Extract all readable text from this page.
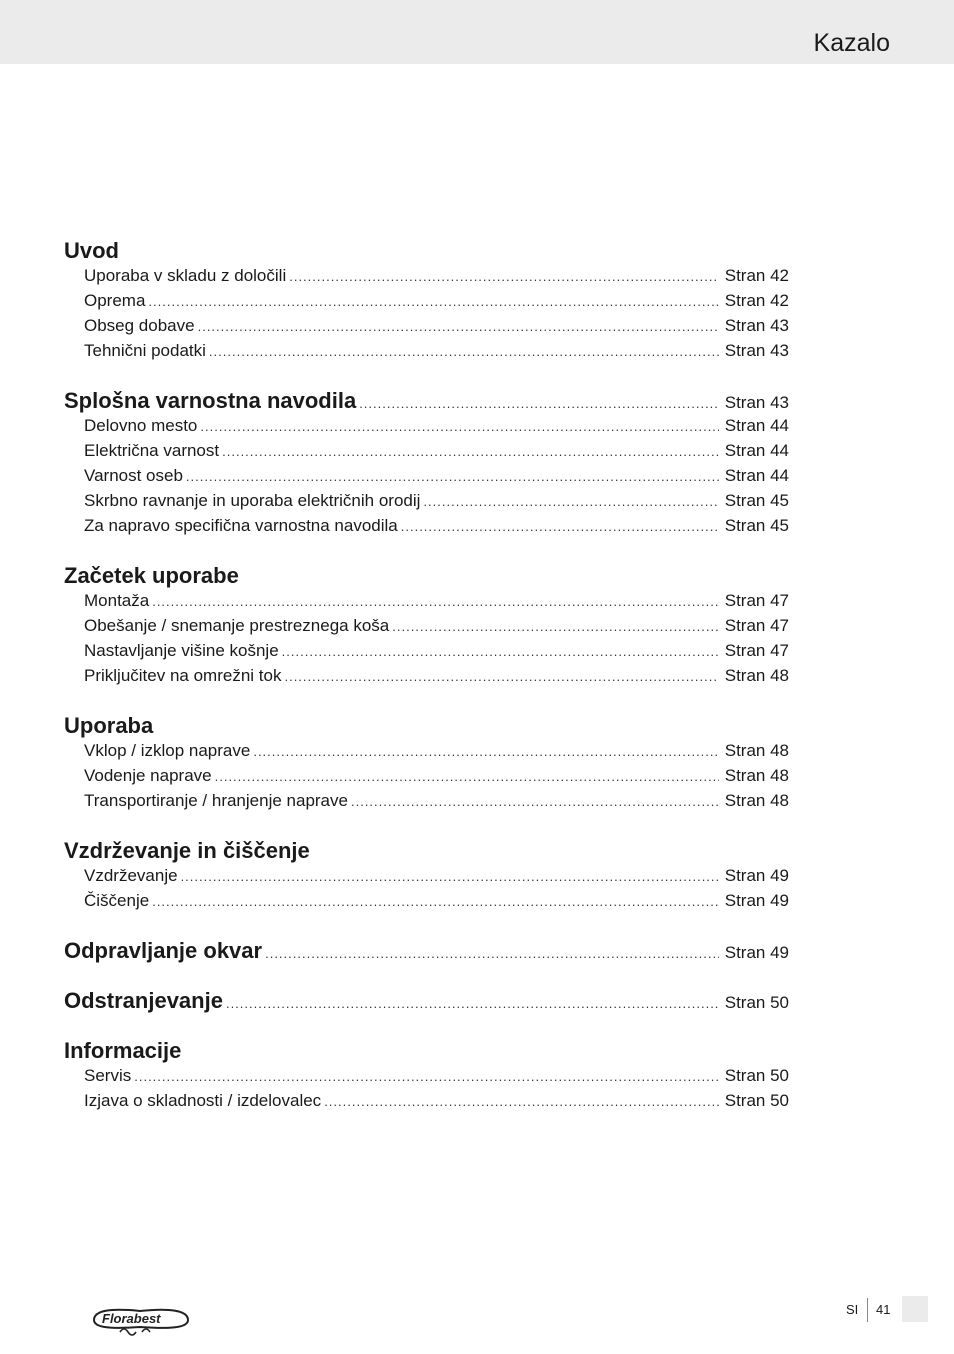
Kazalo
Uvod
Uporaba v skladu z določili .....	Stran 42
Oprema .....	Stran 42
Obseg dobave .....	Stran 43
Tehnični podatki .....	Stran 43
Splošna varnostna navodila .....	Stran 43
Delovno mesto .....	Stran 44
Električna varnost .....	Stran 44
Varnost oseb .....	Stran 44
Skrbno ravnanje in uporaba električnih orodij .....	Stran 45
Za napravo specifična varnostna navodila .....	Stran 45
Začetek uporabe
Montaža .....	Stran 47
Obešanje / snemanje prestreznega koša .....	Stran 47
Nastavljanje višine košnje .....	Stran 47
Priključitev na omrežni tok .....	Stran 48
Uporaba
Vklop / izklop naprave .....	Stran 48
Vodenje naprave .....	Stran 48
Transportiranje / hranjenje naprave .....	Stran 48
Vzdrževanje in čiščenje
Vzdrževanje .....	Stran 49
Čiščenje .....	Stran 49
Odpravljanje okvar .....	Stran 49
Odstranjevanje .....	Stran 50
Informacije
Servis .....	Stran 50
Izjava o skladnosti / izdelovalec .....	Stran 50
Florabest
SI 41
